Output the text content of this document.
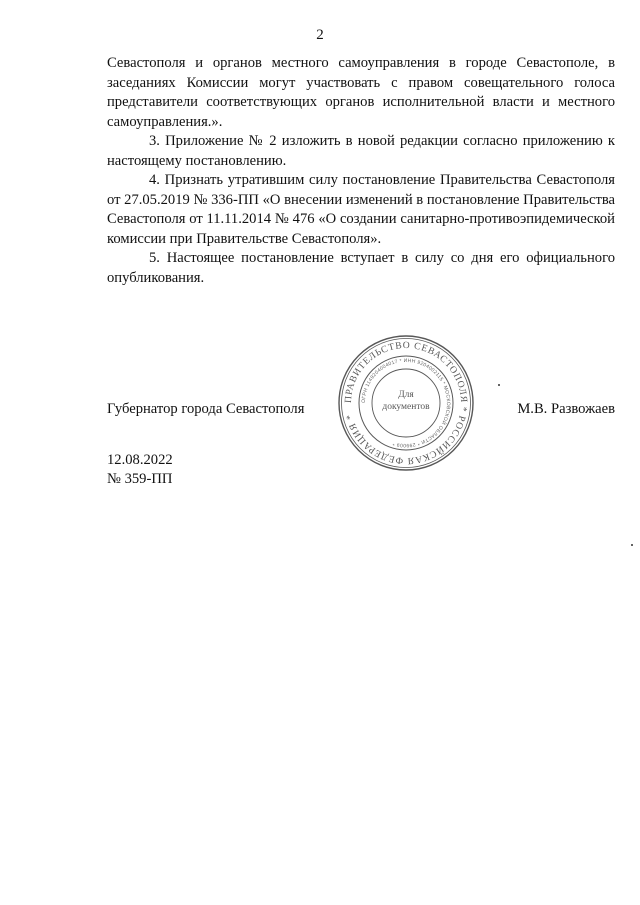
2

Севастополя и органов местного самоуправления в городе Севастополе, в заседаниях Комиссии могут участвовать с правом совещательного голоса представители соответствующих органов исполнительной власти и местного самоуправления.».

3. Приложение № 2 изложить в новой редакции согласно приложению к настоящему постановлению.

4. Признать утратившим силу постановление Правительства Севастополя от 27.05.2019 № 336-ПП «О внесении изменений в постановление Правительства Севастополя от 11.11.2014 № 476 «О создании санитарно-противоэпидемической комиссии при Правительстве Севастополя».

5. Настоящее постановление вступает в силу со дня его официального опубликования.

Губернатор города Севастополя	М.В. Развожаев
ПРАВИТЕЛЬСТВО СЕВАСТОПОЛЯ * РОССИЙСКАЯ ФЕДЕРАЦИЯ *
ОГРН 1149204004017 * ИНН 9204002115 * МОСКОВСКОЙ ОБЛАСТИ * 299009 *
Для
документов
12.08.2022
№ 359-ПП
